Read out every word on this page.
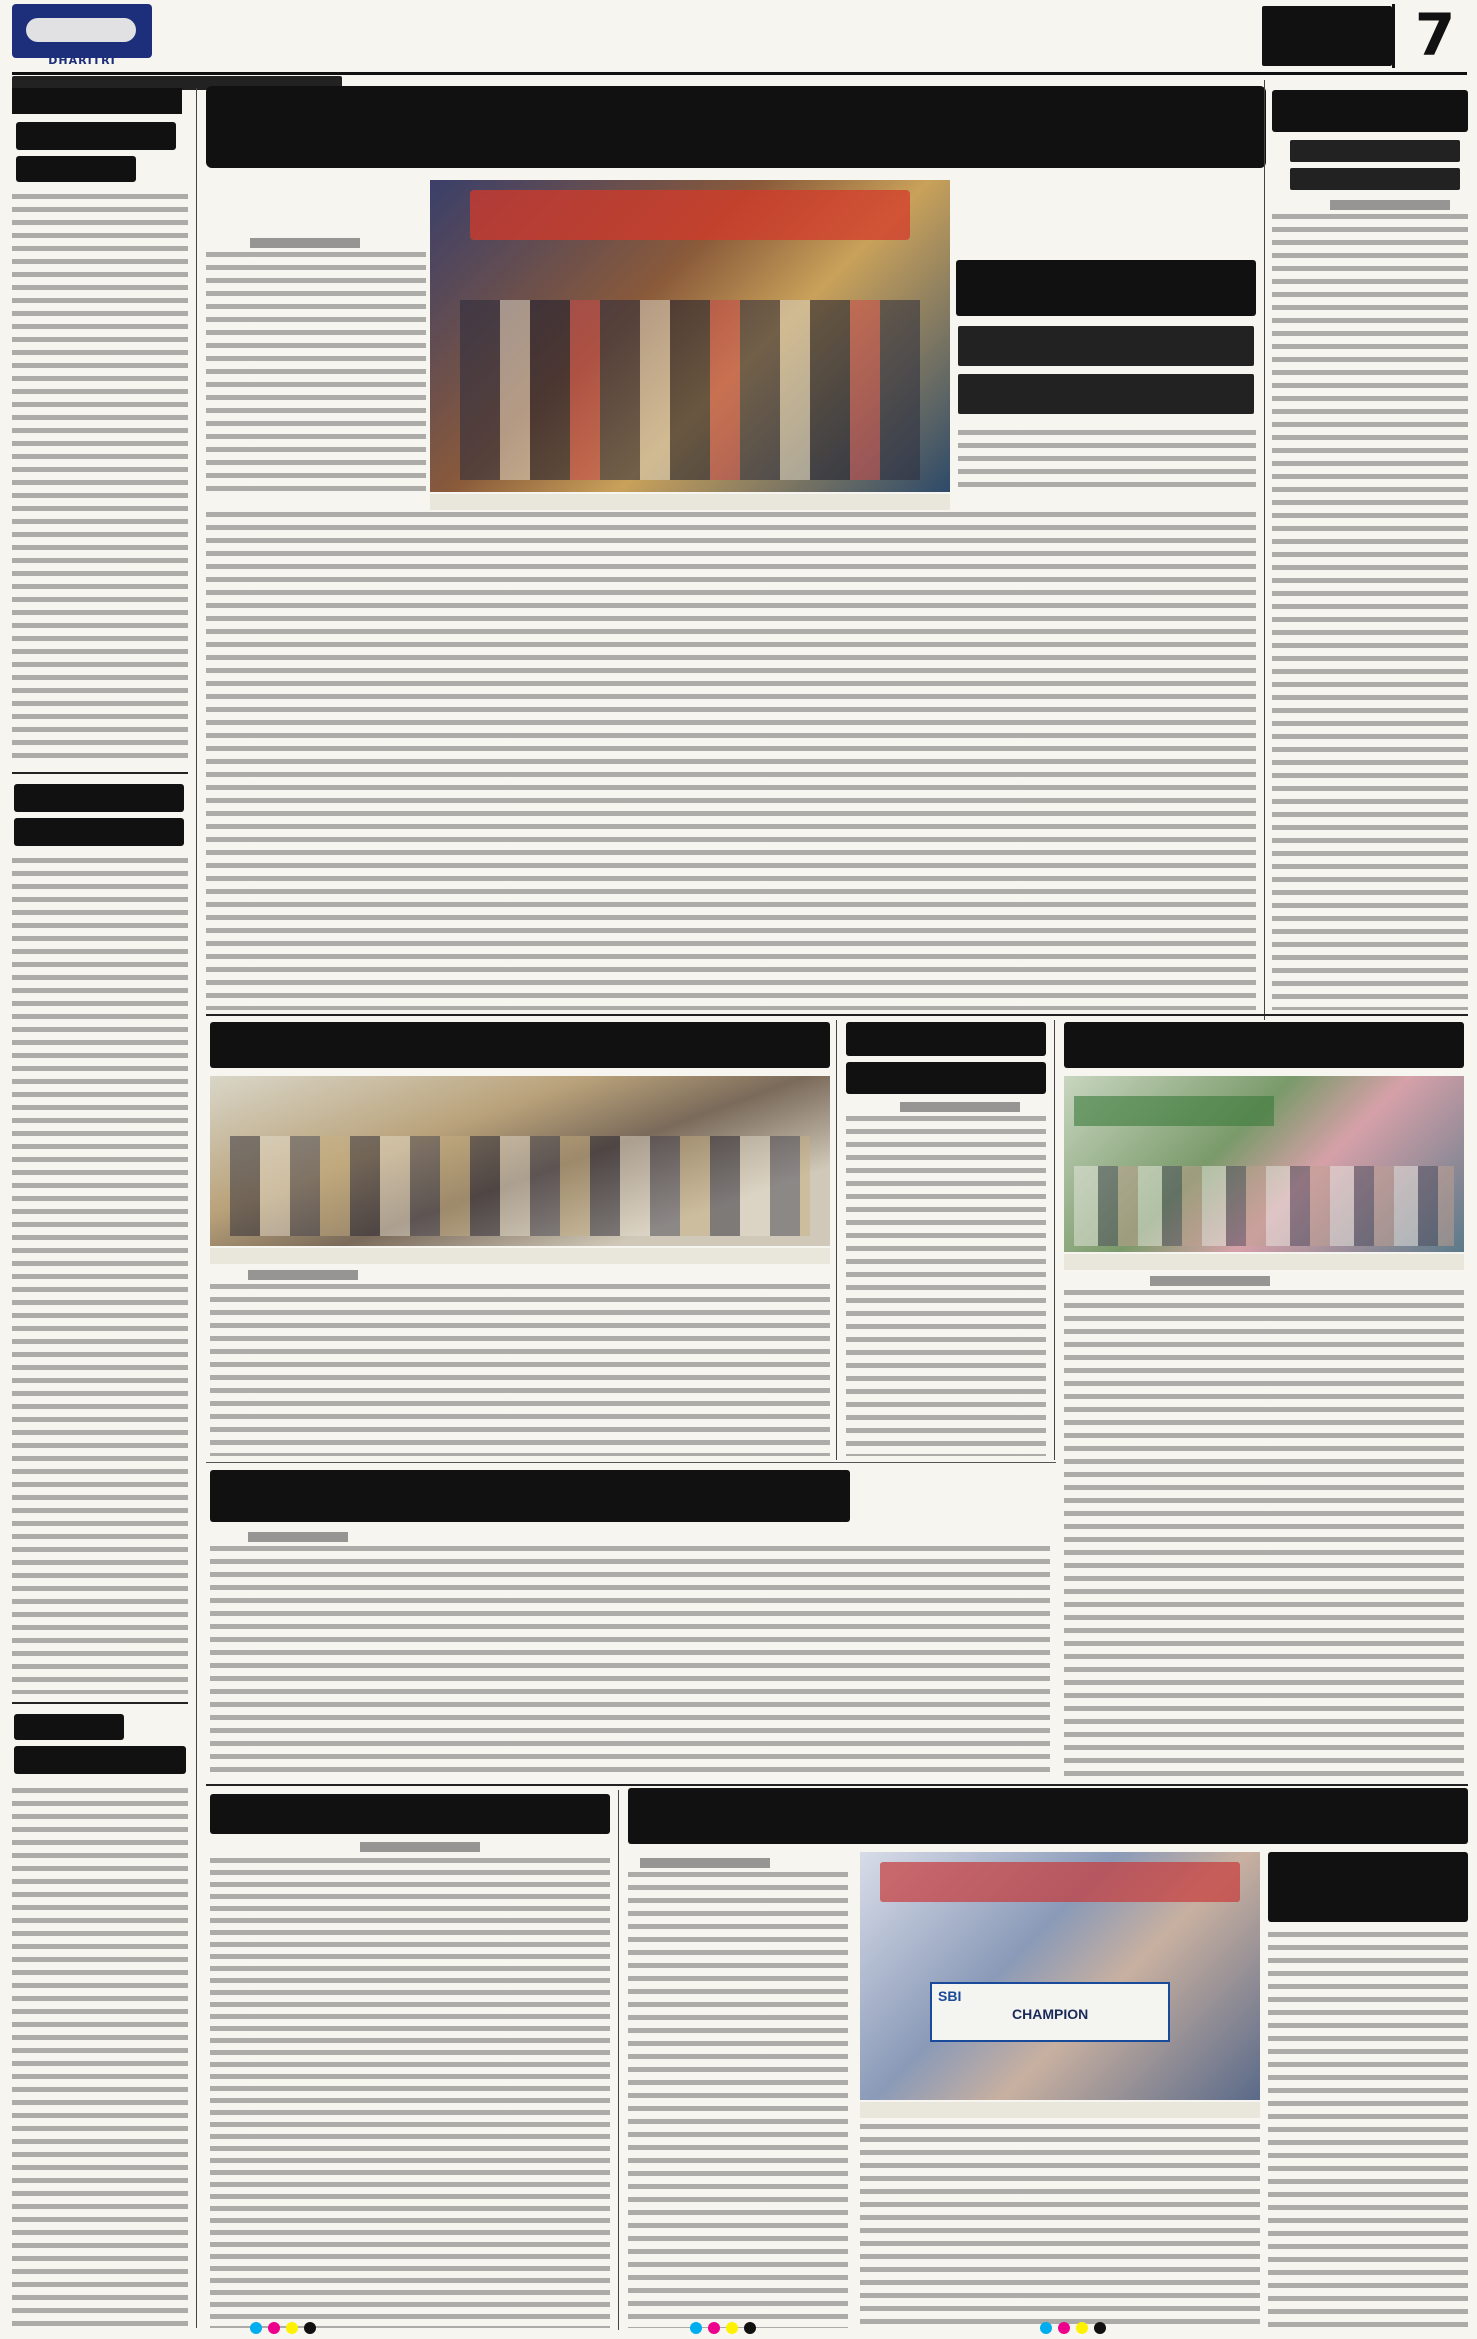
DHARITRI	7
SBI
CHAMPION
